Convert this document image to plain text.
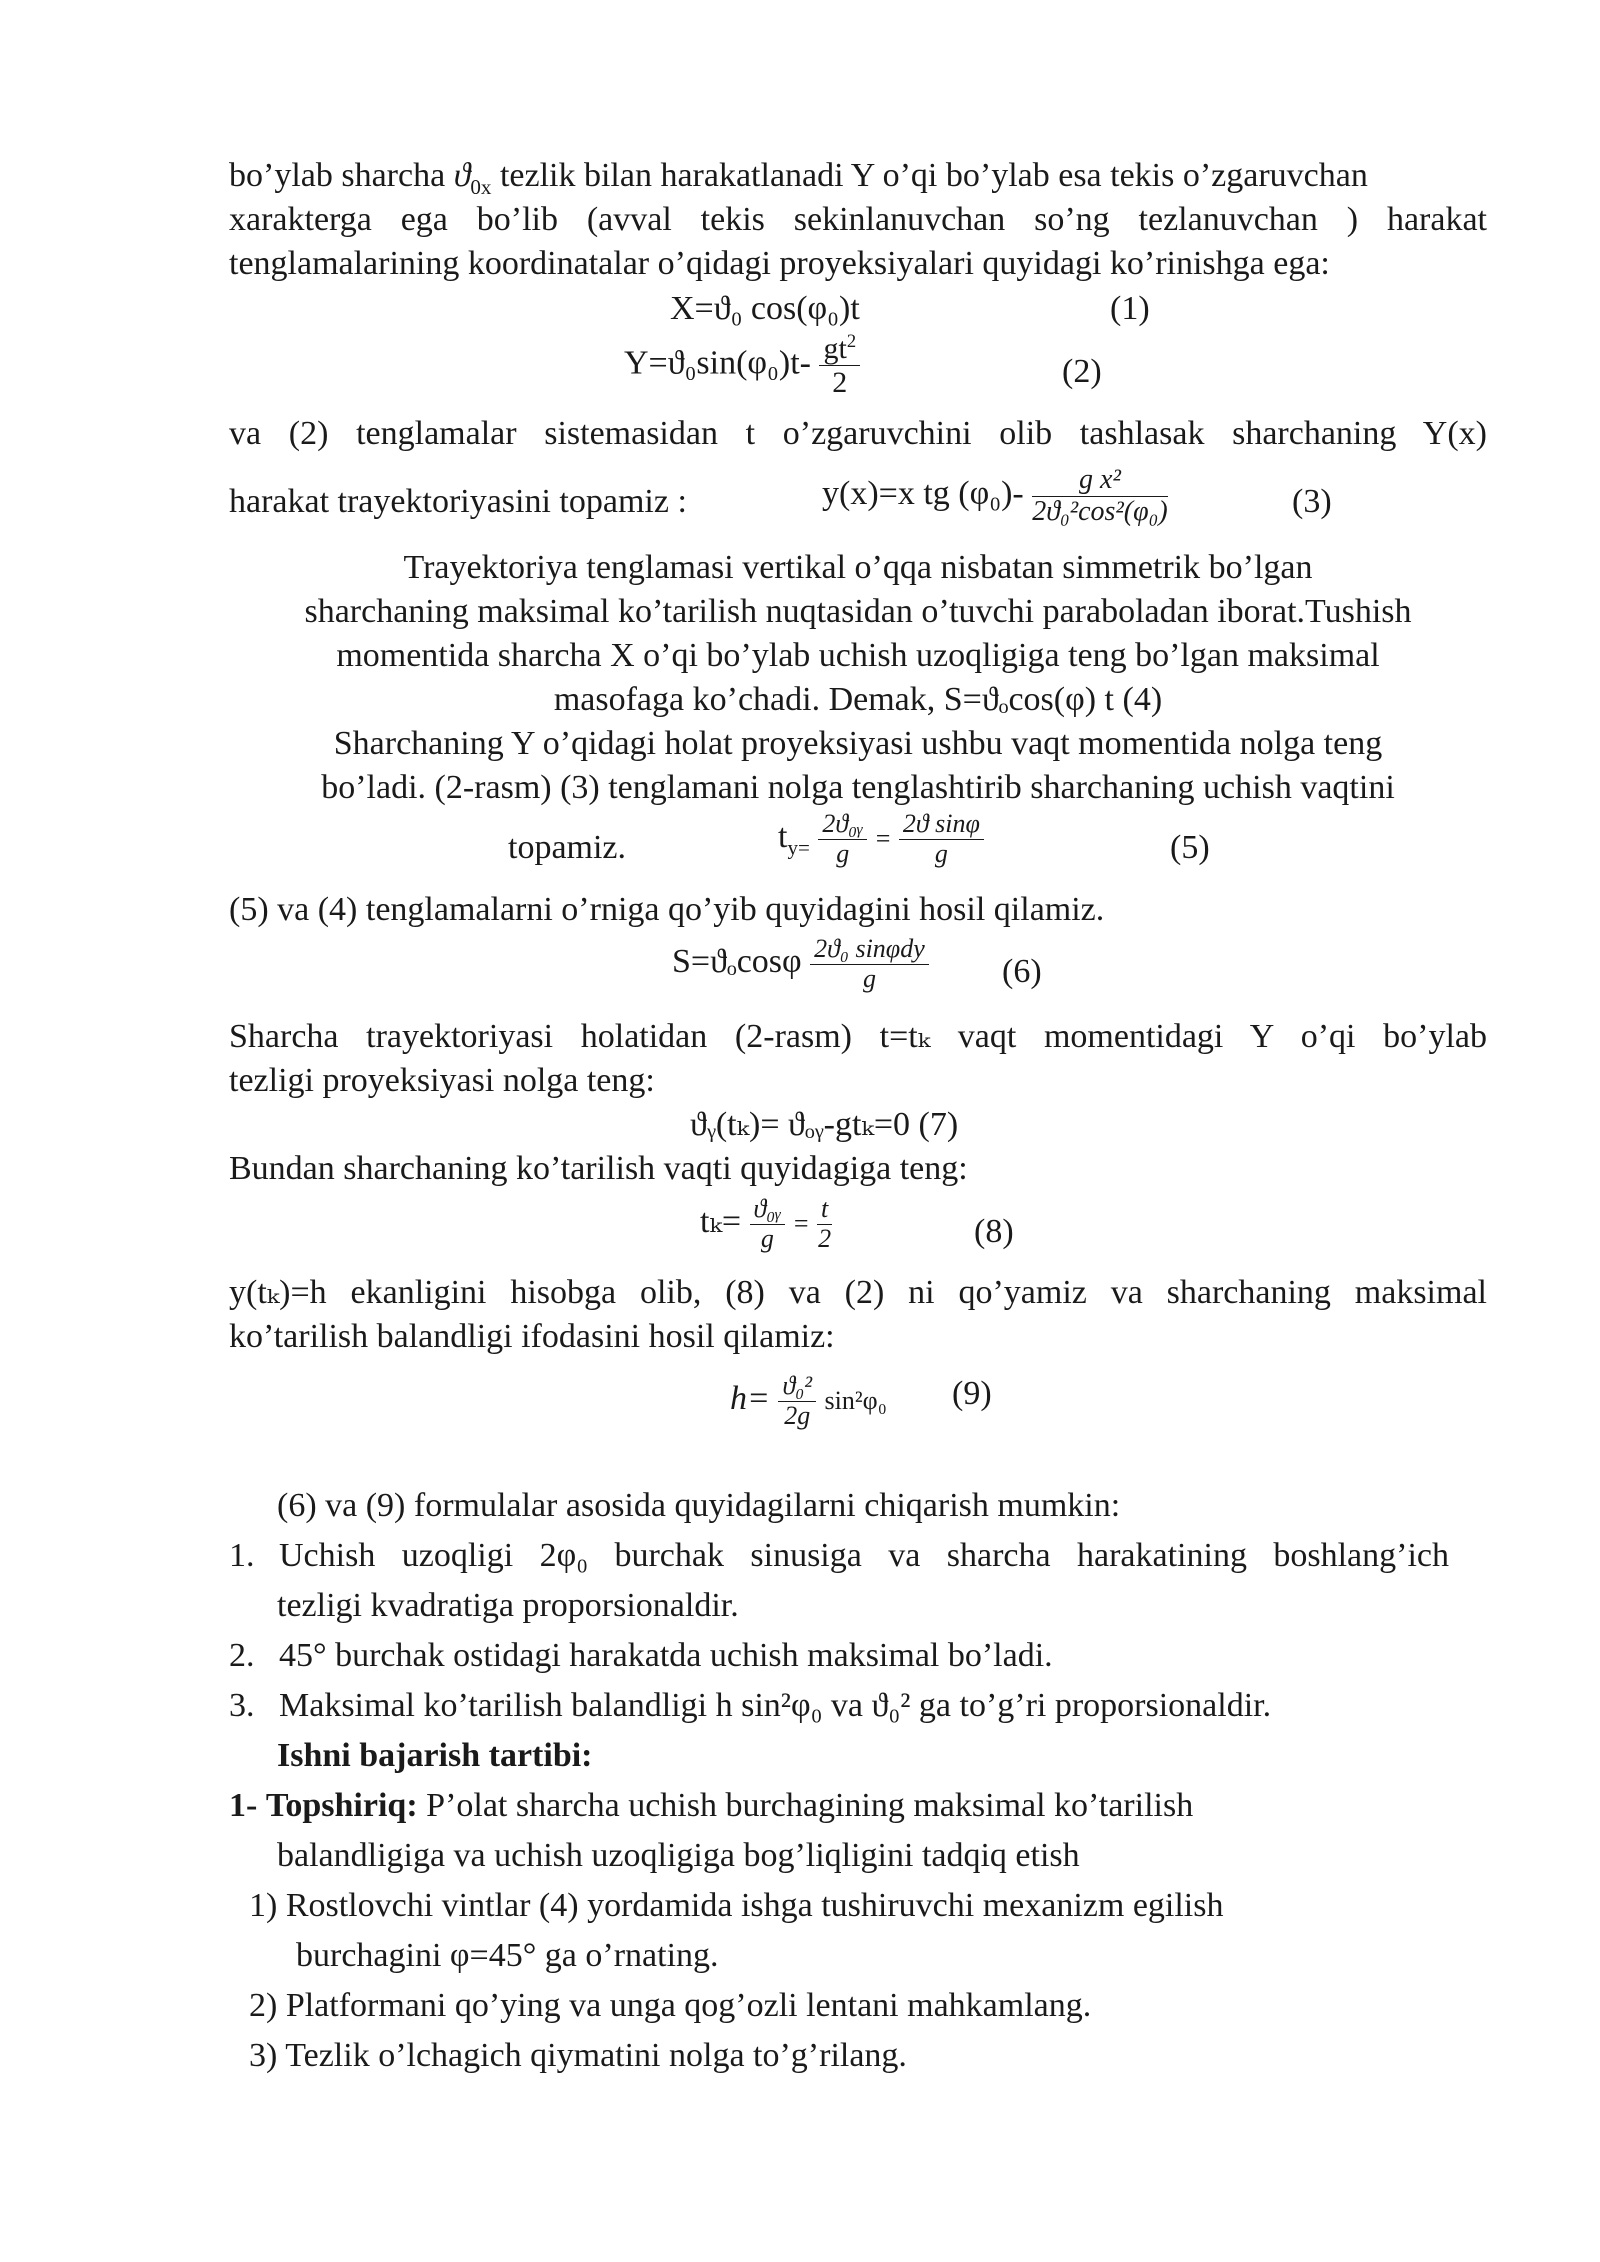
bo’ylab sharcha $ϑ_{0x}$ tezlik bilan harakatlanadi Y o’qi bo’ylab esa tekis o’zgaruvchan
xarakterga ega bo’lib (avval tekis sekinlanuvchan so’ng tezlanuvchan ) harakat
tenglamalarining koordinatalar o’qidagi proyeksiyalari quyidagi ko’rinishga ega:
X=ϑ₀ cos(φ₀)t	(1)
$Y=ϑ_0\sin(\varphi_0)t- \frac{gt^2}{2}$	(2)
va (2) tenglamalar sistemasidan t o’zgaruvchini olib tashlasak sharchaning Y(x)
harakat trayektoriyasini topamiz :	y(x)=x tg $(\varphi_0)- \frac{\text{g x²}}{\text{2ϑ₀²cos²(φ₀)}}$	(3)
Trayektoriya tenglamasi vertikal o’qqa nisbatan simmetrik bo’lgan
sharchaning maksimal ko’tarilish nuqtasidan o’tuvchi paraboladan iborat.Tushish
momentida sharcha X o’qi bo’ylab uchish uzoqligiga teng bo’lgan maksimal
masofaga ko’chadi. Demak, S=ϑₒcos(φ) t (4)
Sharchaning Y o’qidagi holat proyeksiyasi ushbu vaqt momentida nolga teng
bo’ladi. (2-rasm) (3) tenglamani nolga tenglashtirib sharchaning uchish vaqtini
topamiz.	$t_{y=} \frac{\text{2ϑ₀ᵧ}}{g} = \frac{\text{2ϑ sinφ}}{g}$	(5)
(5) va (4) tenglamalarni o’rniga qo’yib quyidagini hosil qilamiz.
$S=ϑ_o\cos\varphi \frac{\text{2ϑ₀ sinφdy}}{g} (6)$
Sharcha trayektoriyasi holatidan (2-rasm) t=tₖ vaqt momentidagi Y o’qi bo’ylab
tezligi proyeksiyasi nolga teng:
ϑᵧ(tₖ)= ϑₒᵧ-gtₖ=0 (7)
Bundan sharchaning ko’tarilish vaqti quyidagiga teng:
$t_k= \frac{\text{ϑ₀ᵧ}}{g} = \frac{t}{2}$	(8)
y(tₖ)=h ekanligini hisobga olib, (8) va (2) ni qo’yamiz va sharchaning maksimal
ko’tarilish balandligi ifodasini hosil qilamiz:
$h= \frac{\text{ϑ₀²}}{2g} \sin^2\varphi_0$ (9)
(6) va (9) formulalar asosida quyidagilarni chiqarish mumkin:
1. Uchish uzoqligi 2φ₀ burchak sinusiga va sharcha harakatining boshlang’ich
tezligi kvadratiga proporsionaldir.
2. 45° burchak ostidagi harakatda uchish maksimal bo’ladi.
3. Maksimal ko’tarilish balandligi h sin²φ₀ va ϑ₀² ga to’g’ri proporsionaldir.
Ishni bajarish tartibi:
1- Topshiriq: P’olat sharcha uchish burchagining maksimal ko’tarilish
balandligiga va uchish uzoqligiga bog’liqligini tadqiq etish
1) Rostlovchi vintlar (4) yordamida ishga tushiruvchi mexanizm egilish
burchagini φ=45° ga o’rnating.
2) Platformani qo’ying va unga qog’ozli lentani mahkamlang.
3) Tezlik o’lchagich qiymatini nolga to’g’rilang.
